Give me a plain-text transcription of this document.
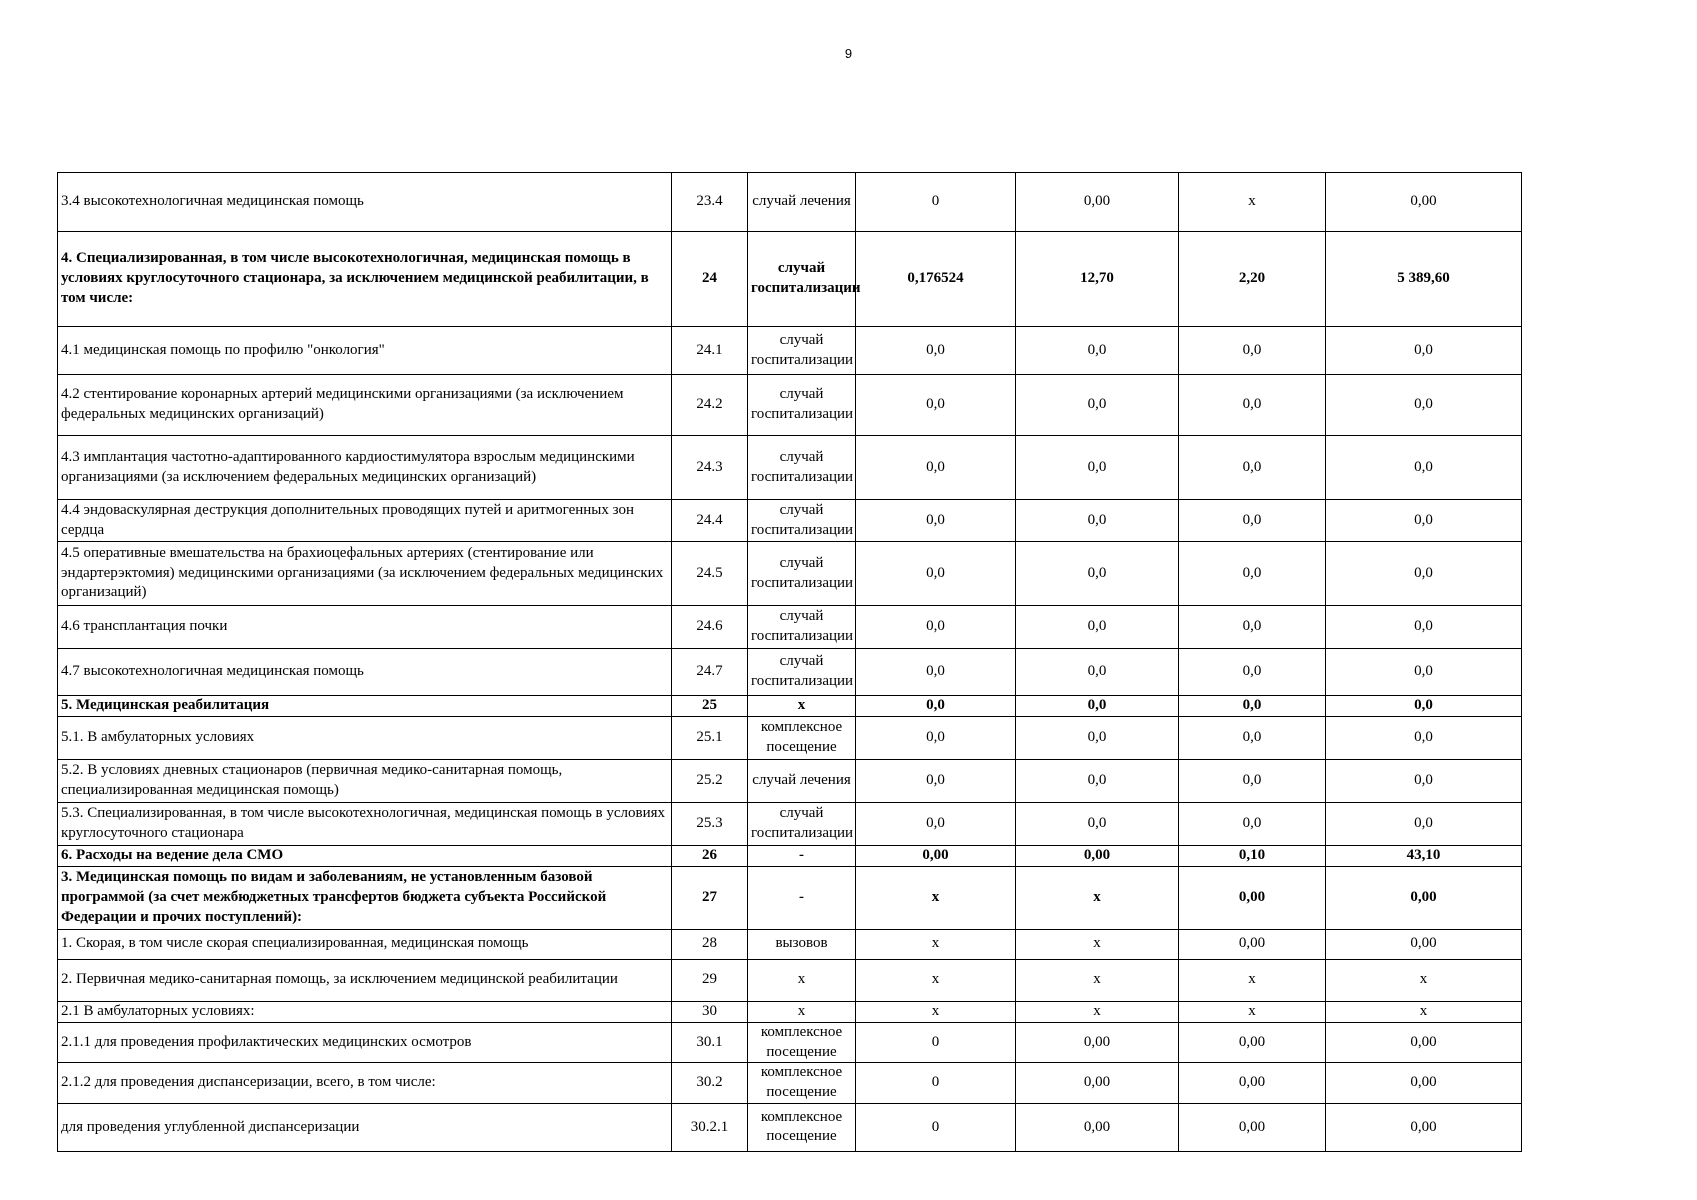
9
3.4 высокотехнологичная медицинская помощь	23.4	случай лечения	0	0,00	х	0,00
4. Специализированная, в том числе высокотехнологичная, медицинская помощь в условиях круглосуточного стационара, за исключением медицинской реабилитации, в том числе:	24	случай госпитализации	0,176524	12,70	2,20	5 389,60
4.1 медицинская помощь по профилю "онкология"	24.1	случай госпитализации	0,0	0,0	0,0	0,0
4.2 стентирование коронарных артерий медицинскими организациями (за исключением федеральных медицинских организаций)	24.2	случай госпитализации	0,0	0,0	0,0	0,0
4.3 имплантация частотно-адаптированного кардиостимулятора взрослым медицинскими организациями (за исключением федеральных медицинских организаций)	24.3	случай госпитализации	0,0	0,0	0,0	0,0
4.4 эндоваскулярная деструкция дополнительных проводящих путей и аритмогенных зон сердца	24.4	случай госпитализации	0,0	0,0	0,0	0,0
4.5 оперативные вмешательства на брахиоцефальных артериях (стентирование или эндартерэктомия) медицинскими организациями (за исключением федеральных медицинских организаций)	24.5	случай госпитализации	0,0	0,0	0,0	0,0
4.6 трансплантация почки	24.6	случай госпитализации	0,0	0,0	0,0	0,0
4.7 высокотехнологичная медицинская помощь	24.7	случай госпитализации	0,0	0,0	0,0	0,0
5. Медицинская реабилитация	25	х	0,0	0,0	0,0	0,0
5.1. В амбулаторных условиях	25.1	комплексное посещение	0,0	0,0	0,0	0,0
5.2. В условиях дневных стационаров (первичная медико-санитарная помощь, специализированная медицинская помощь)	25.2	случай лечения	0,0	0,0	0,0	0,0
5.3. Специализированная, в том числе высокотехнологичная, медицинская помощь в условиях круглосуточного стационара	25.3	случай госпитализации	0,0	0,0	0,0	0,0
6. Расходы на ведение дела СМО	26	-	0,00	0,00	0,10	43,10
3. Медицинская помощь по видам и заболеваниям, не установленным базовой программой (за счет межбюджетных трансфертов бюджета субъекта Российской Федерации и прочих поступлений):	27	-	х	х	0,00	0,00
1. Скорая, в том числе скорая специализированная, медицинская помощь	28	вызовов	х	х	0,00	0,00
2. Первичная медико-санитарная помощь, за исключением медицинской реабилитации	29	х	х	х	х	х
2.1 В амбулаторных условиях:	30	х	х	х	х	х
2.1.1 для проведения профилактических медицинских осмотров	30.1	комплексное посещение	0	0,00	0,00	0,00
2.1.2 для проведения диспансеризации, всего, в том числе:	30.2	комплексное посещение	0	0,00	0,00	0,00
для проведения углубленной диспансеризации	30.2.1	комплексное посещение	0	0,00	0,00	0,00
